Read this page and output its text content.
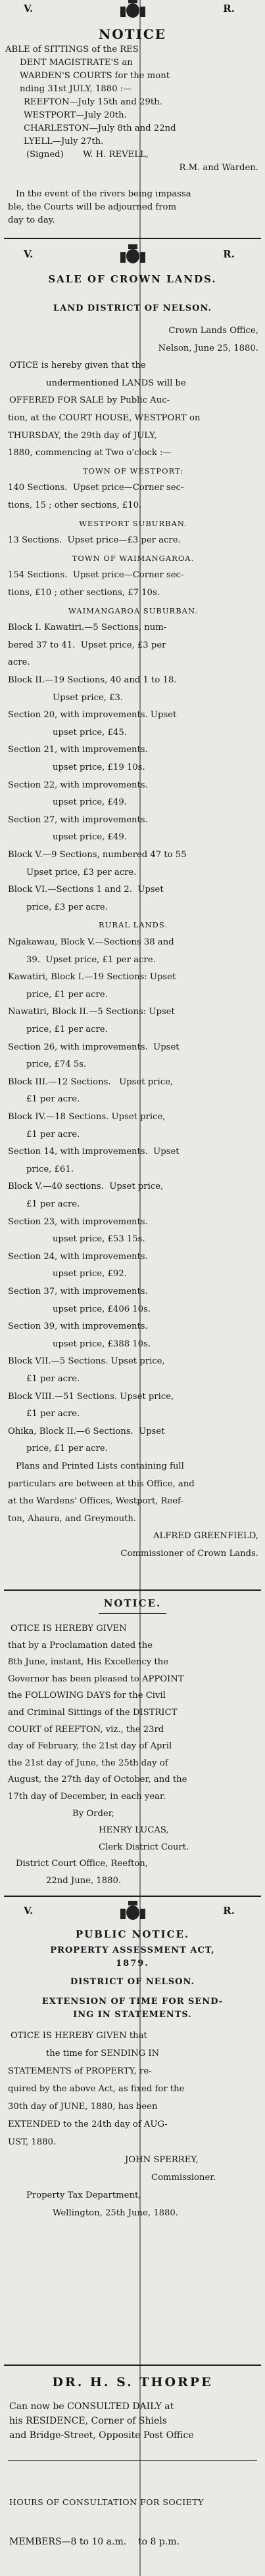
V.	R.
NOTICE
ABLE of SITTINGS of the RES
DENT MAGISTRATE'S an
WARDEN'S COURTS for the mont
nding 31st JULY, 1880 :—
REEFTON—July 15th and 29th.
WESTPORT—July 20th.
CHARLESTON—July 8th and 22nd
LYELL—July 27th.
(Signed)       W. H. REVELL,
R.M. and Warden.
In the event of the rivers being impassa
ble, the Courts will be adjourned from
day to day.
V.	R.
SALE OF CROWN LANDS.
LAND DISTRICT OF NELSON.
Crown Lands Office,
Nelson, June 25, 1880.
OTICE is hereby given that the
undermentioned LANDS will be
OFFERED FOR SALE by Public Auc-
tion, at the COURT HOUSE, WESTPORT on
THURSDAY, the 29th day of JULY,
1880, commencing at Two o'clock :—
TOWN OF WESTPORT:
140 Sections.  Upset price—Corner sec-
tions, 15 ; other sections, £10.
WESTPORT SUBURBAN.
13 Sections.  Upset price—£3 per acre.
TOWN OF WAIMANGAROA.
154 Sections.  Upset price—Corner sec-
tions, £10 ; other sections, £7 10s.
WAIMANGAROA SUBURBAN.
Block I. Kawatiri.—5 Sections, num-
bered 37 to 41.  Upset price, £3 per
acre.
Block II.—19 Sections, 40 and 1 to 18.
Upset price, £3.
Section 20, with improvements. Upset
upset price, £45.
Section 21, with improvements.
upset price, £19 10s.
Section 22, with improvements.
upset price, £49.
Section 27, with improvements.
upset price, £49.
Block V.—9 Sections, numbered 47 to 55
Upset price, £3 per acre.
Block VI.—Sections 1 and 2.  Upset
price, £3 per acre.
RURAL LANDS.
Ngakawau, Block V.—Sections 38 and
39.  Upset price, £1 per acre.
Kawatiri, Block I.—19 Sections: Upset
price, £1 per acre.
Nawatiri, Block II.—5 Sections: Upset
price, £1 per acre.
Section 26, with improvements.  Upset
price, £74 5s.
Block III.—12 Sections.   Upset price,
£1 per acre.
Block IV.—18 Sections. Upset price,
£1 per acre.
Section 14, with improvements.  Upset
price, £61.
Block V.—40 sections.  Upset price,
£1 per acre.
Section 23, with improvements.
upset price, £53 15s.
Section 24, with improvements.
upset price, £92.
Section 37, with improvements.
upset price, £406 10s.
Section 39, with improvements.
upset price, £388 10s.
Block VII.—5 Sections. Upset price,
£1 per acre.
Block VIII.—51 Sections. Upset price,
£1 per acre.
Ohika, Block II.—6 Sections.  Upset
price, £1 per acre.
Plans and Printed Lists containing full
particulars are between at this Office, and
at the Wardens' Offices, Westport, Reef-
ton, Ahaura, and Greymouth.
ALFRED GREENFIELD,
Commissioner of Crown Lands.
NOTICE.
OTICE IS HEREBY GIVEN
that by a Proclamation dated the
8th June, instant, His Excellency the
Governor has been pleased to APPOINT
the FOLLOWING DAYS for the Civil
and Criminal Sittings of the DISTRICT
COURT of REEFTON, viz., the 23rd
day of February, the 21st day of April
the 21st day of June, the 25th day of
August, the 27th day of October, and the
17th day of December, in each year.
By Order,
HENRY LUCAS,
Clerk District Court.
District Court Office, Reefton,
22nd June, 1880.
V.	R.
PUBLIC NOTICE.
PROPERTY ASSESSMENT ACT,
1879.
DISTRICT OF NELSON.
EXTENSION OF TIME FOR SEND-
ING IN STATEMENTS.
OTICE IS HEREBY GIVEN that
the time for SENDING IN
STATEMENTS of PROPERTY, re-
quired by the above Act, as fixed for the
30th day of JUNE, 1880, has been
EXTENDED to the 24th day of AUG-
UST, 1880.
JOHN SPERREY,
Commissioner.
Property Tax Department,
Wellington, 25th June, 1880.
DR. H. S. THORPE
Can now be CONSULTED DAILY at
his RESIDENCE, Corner of Shiels
and Bridge-Street, Opposite Post Office
HOURS OF CONSULTATION FOR SOCIETY
MEMBERS—8 to 10 a.m.    to 8 p.m.
